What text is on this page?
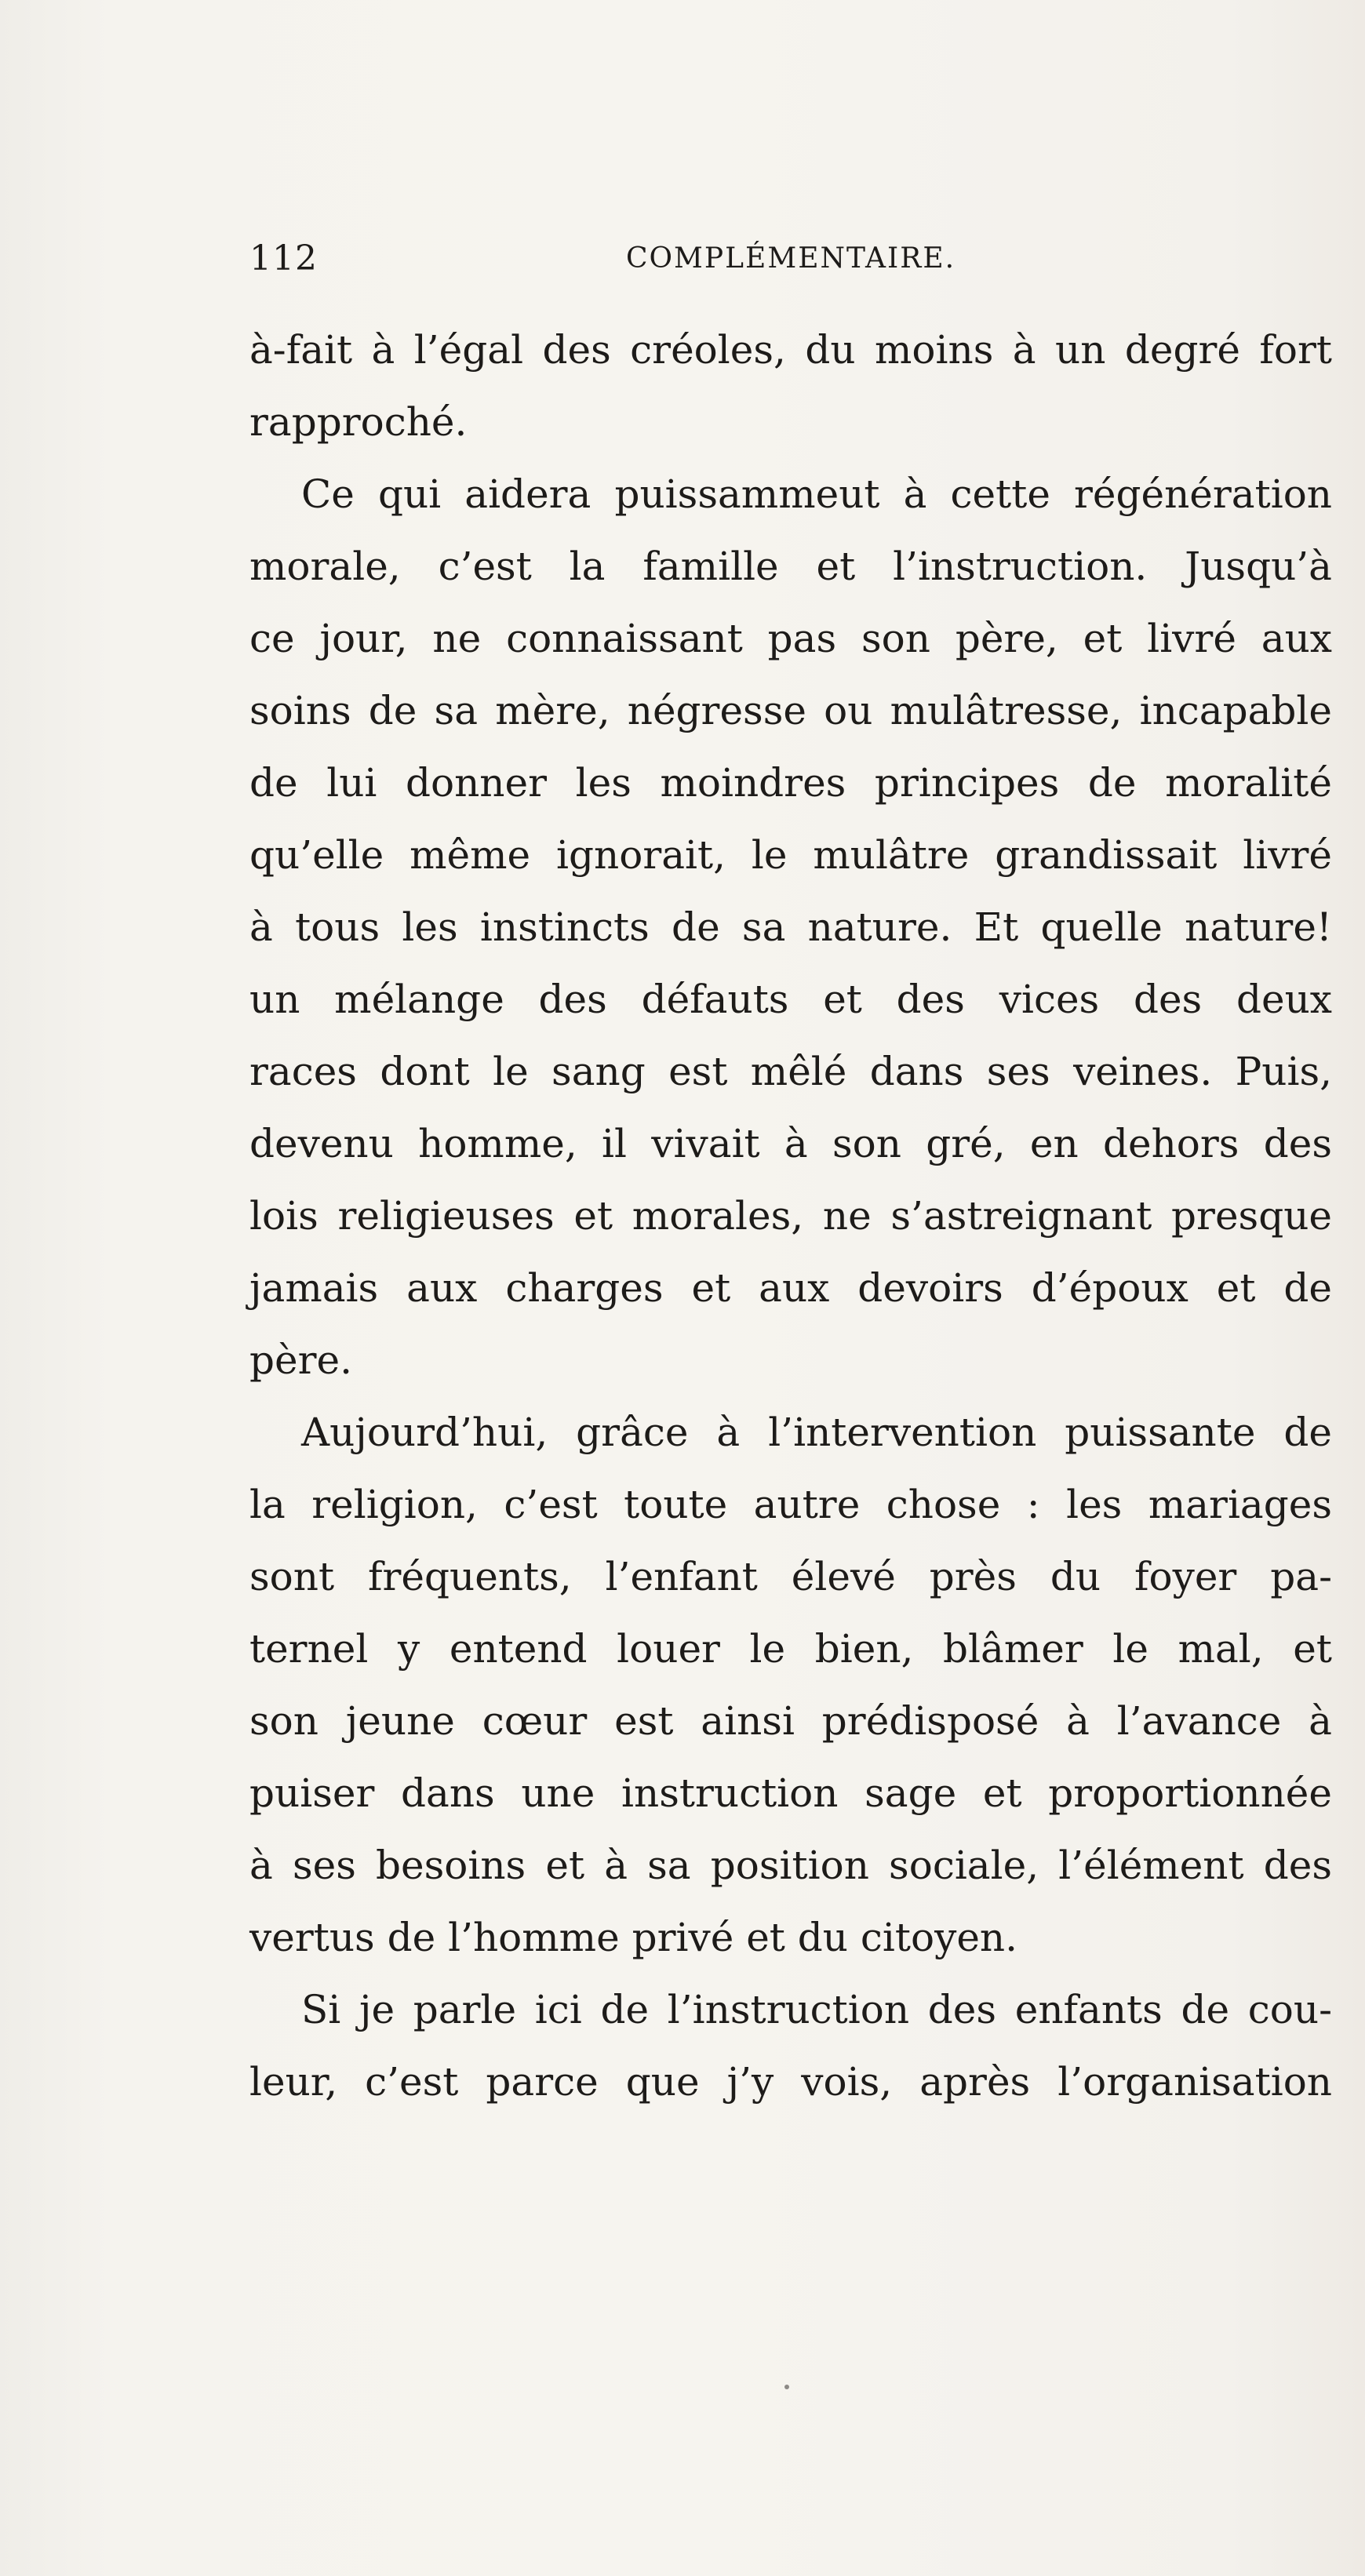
112	COMPLÉMENTAIRE.
à-fait à l’égal des créoles, du moins à un degré fort
rapproché.
Ce qui aidera puissammeut à cette régénération
morale, c’est la famille et l’instruction. Jusqu’à
ce jour, ne connaissant pas son père, et livré aux
soins de sa mère, négresse ou mulâtresse, incapable
de lui donner les moindres principes de moralité
qu’elle même ignorait, le mulâtre grandissait livré
à tous les instincts de sa nature. Et quelle nature!
un mélange des défauts et des vices des deux
races dont le sang est mêlé dans ses veines. Puis,
devenu homme, il vivait à son gré, en dehors des
lois religieuses et morales, ne s’astreignant presque
jamais aux charges et aux devoirs d’époux et de
père.
Aujourd’hui, grâce à l’intervention puissante de
la religion, c’est toute autre chose : les mariages
sont fréquents, l’enfant élevé près du foyer pa-
ternel y entend louer le bien, blâmer le mal, et
son jeune cœur est ainsi prédisposé à l’avance à
puiser dans une instruction sage et proportionnée
à ses besoins et à sa position sociale, l’élément des
vertus de l’homme privé et du citoyen.
Si je parle ici de l’instruction des enfants de cou-
leur, c’est parce que j’y vois, après l’organisation
